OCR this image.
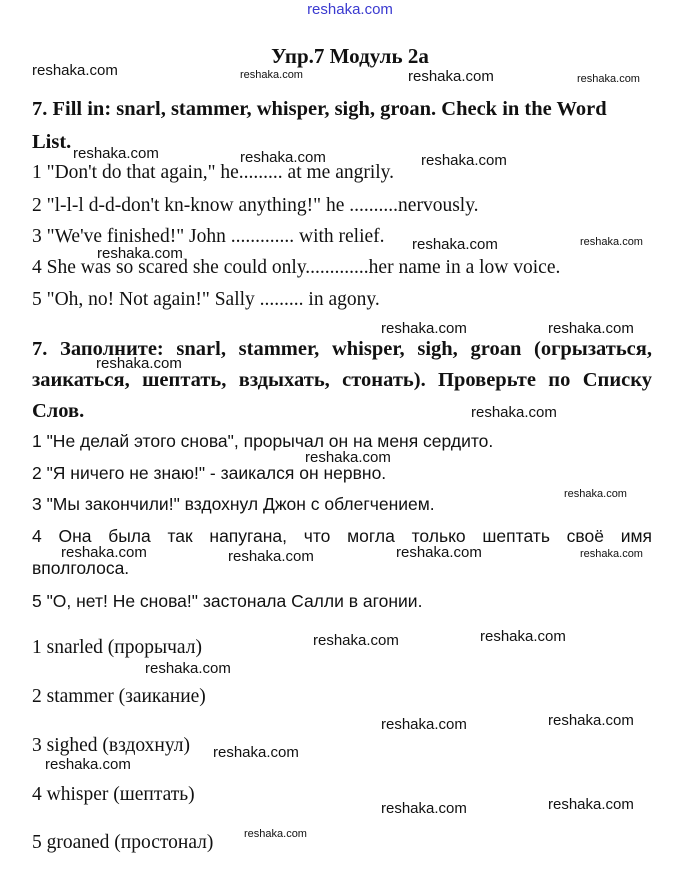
reshaka.com
Упр.7 Модуль 2а
7. Fill in: snarl, stammer, whisper, sigh, groan. Check in the Word
List.
1 "Don't do that again," he......... at me angrily.
2 "l-l-l d-d-don't kn-know anything!" he ..........nervously.
3 "We've finished!" John ............. with relief.
4 She was so scared she could only.............her name in a low voice.
5 "Oh, no! Not again!" Sally ......... in agony.
7. Заполните: snarl, stammer, whisper, sigh, groan (огрызаться,
заикаться, шептать, вздыхать, стонать). Проверьте по Списку
Слов.
1 "Не делай этого снова", прорычал он на меня сердито.
2 "Я ничего не знаю!" - заикался он нервно.
3 "Мы закончили!" вздохнул Джон с облегчением.
4 Она была так напугана, что могла только шептать своё имя
вполголоса.
5 "О, нет! Не снова!" застонала Салли в агонии.
1 snarled (прорычал)
2 stammer (заикание)
3 sighed (вздохнул)
4 whisper (шептать)
5 groaned (простонал)
reshaka.com	reshaka.com	reshaka.com	reshaka.com
reshaka.com	reshaka.com	reshaka.com
reshaka.com	reshaka.com
reshaka.com
reshaka.com	reshaka.com
reshaka.com
reshaka.com
reshaka.com
reshaka.com
reshaka.com	reshaka.com	reshaka.com	reshaka.com
reshaka.com
reshaka.com
reshaka.com
reshaka.com	reshaka.com
reshaka.com
reshaka.com
reshaka.com	reshaka.com
reshaka.com
